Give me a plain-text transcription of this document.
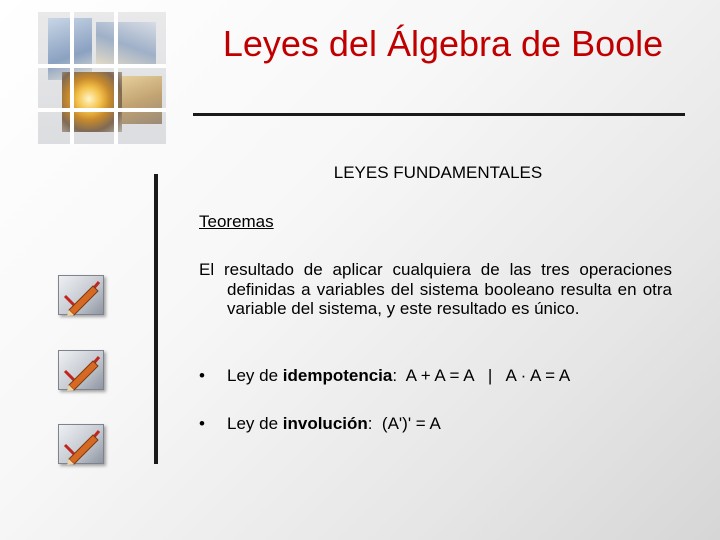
Leyes del Álgebra de Boole
LEYES FUNDAMENTALES
Teoremas
El resultado de aplicar cualquiera de las tres operaciones definidas a variables del sistema booleano resulta en otra variable del sistema, y este resultado es único.
• Ley de idempotencia:  A + A = A   |   A · A = A
• Ley de involución:  (A')' = A
